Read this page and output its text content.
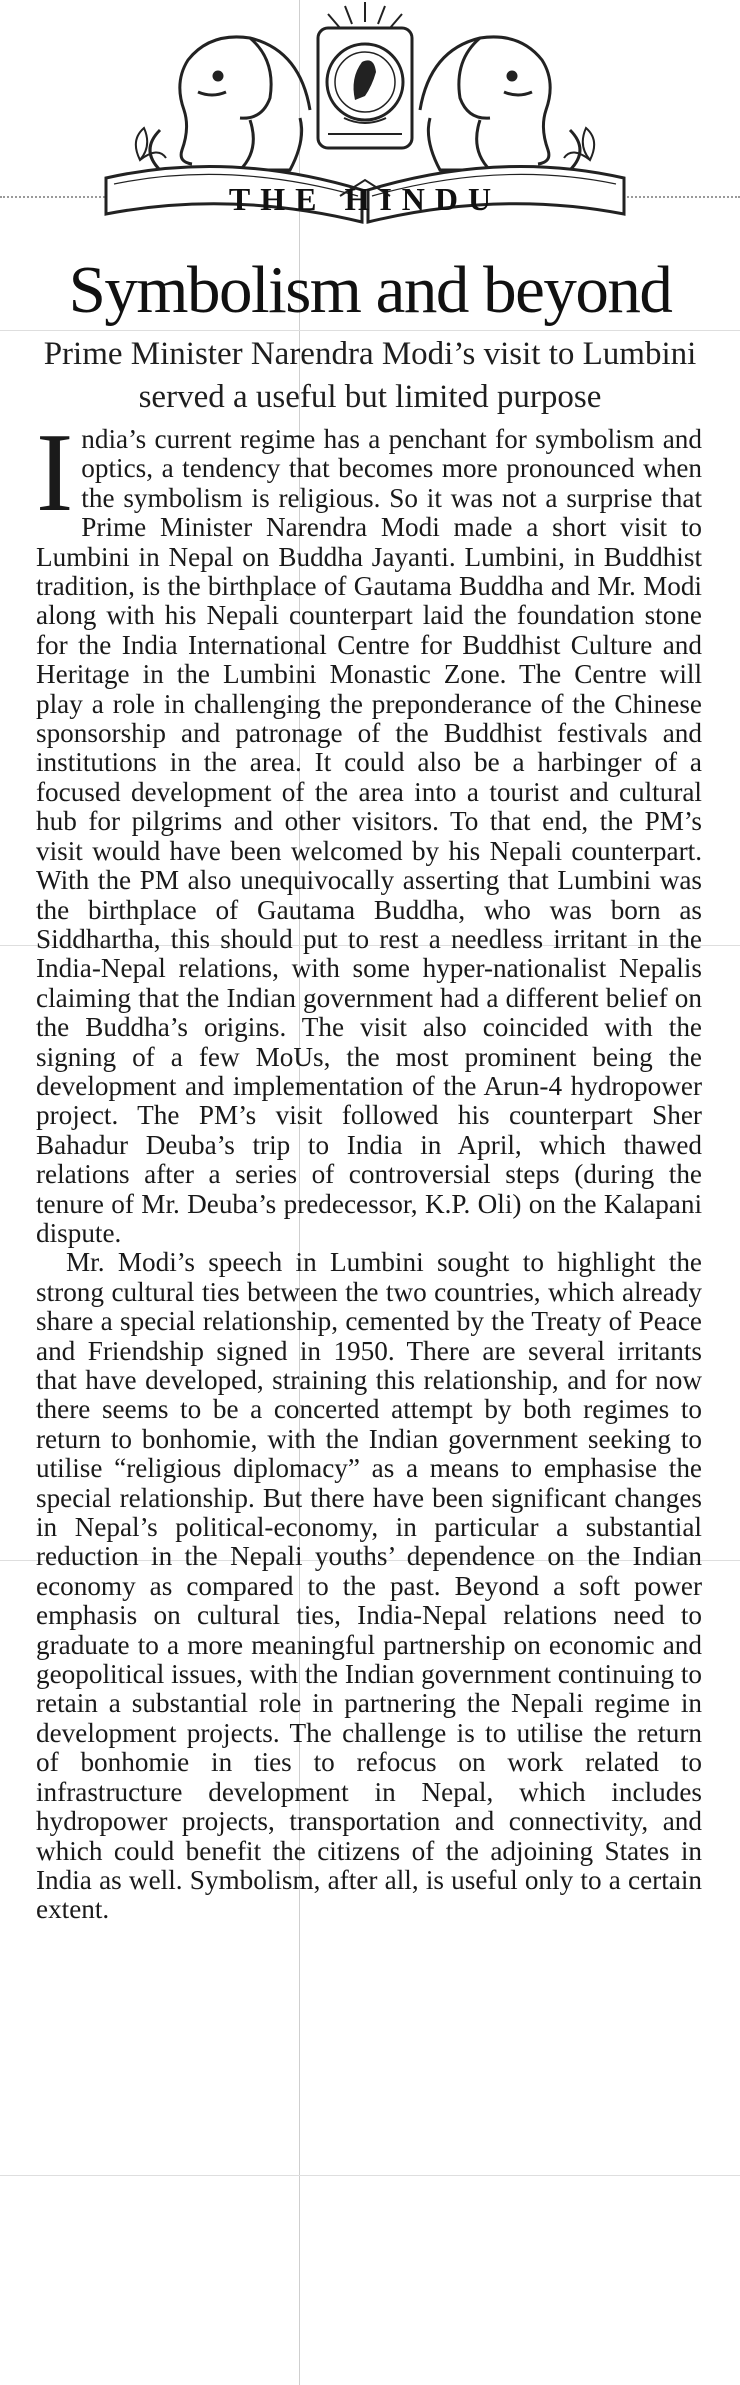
THE HINDU
Symbolism and beyond

Prime Minister Narendra Modi’s visit to Lumbini served a useful but limited purpose

India’s current regime has a penchant for symbolism and optics, a tendency that becomes more pronounced when the symbolism is religious. So it was not a surprise that Prime Minister Narendra Modi made a short visit to Lumbini in Nepal on Buddha Jayanti. Lumbini, in Buddhist tradition, is the birthplace of Gautama Buddha and Mr. Modi along with his Nepali counterpart laid the foundation stone for the India International Centre for Buddhist Culture and Heritage in the Lumbini Monastic Zone. The Centre will play a role in challenging the preponderance of the Chinese sponsorship and patronage of the Buddhist festivals and institutions in the area. It could also be a harbinger of a focused development of the area into a tourist and cultural hub for pilgrims and other visitors. To that end, the PM’s visit would have been welcomed by his Nepali counterpart. With the PM also unequivocally asserting that Lumbini was the birthplace of Gautama Buddha, who was born as Siddhartha, this should put to rest a needless irritant in the India-Nepal relations, with some hyper-nationalist Nepalis claiming that the Indian government had a different belief on the Buddha’s origins. The visit also coincided with the signing of a few MoUs, the most prominent being the development and implementation of the Arun-4 hydropower project. The PM’s visit followed his counterpart Sher Bahadur Deuba’s trip to India in April, which thawed relations after a series of controversial steps (during the tenure of Mr. Deuba’s predecessor, K.P. Oli) on the Kalapani dispute.

Mr. Modi’s speech in Lumbini sought to highlight the strong cultural ties between the two countries, which already share a special relationship, cemented by the Treaty of Peace and Friendship signed in 1950. There are several irritants that have developed, straining this relationship, and for now there seems to be a concerted attempt by both regimes to return to bonhomie, with the Indian government seeking to utilise “religious diplomacy” as a means to emphasise the special relationship. But there have been significant changes in Nepal’s political-economy, in particular a substantial reduction in the Nepali youths’ dependence on the Indian economy as compared to the past. Beyond a soft power emphasis on cultural ties, India-Nepal relations need to graduate to a more meaningful partnership on economic and geopolitical issues, with the Indian government continuing to retain a substantial role in partnering the Nepali regime in development projects. The challenge is to utilise the return of bonhomie in ties to refocus on work related to infrastructure development in Nepal, which includes hydropower projects, transportation and connectivity, and which could benefit the citizens of the adjoining States in India as well. Symbolism, after all, is useful only to a certain extent.
